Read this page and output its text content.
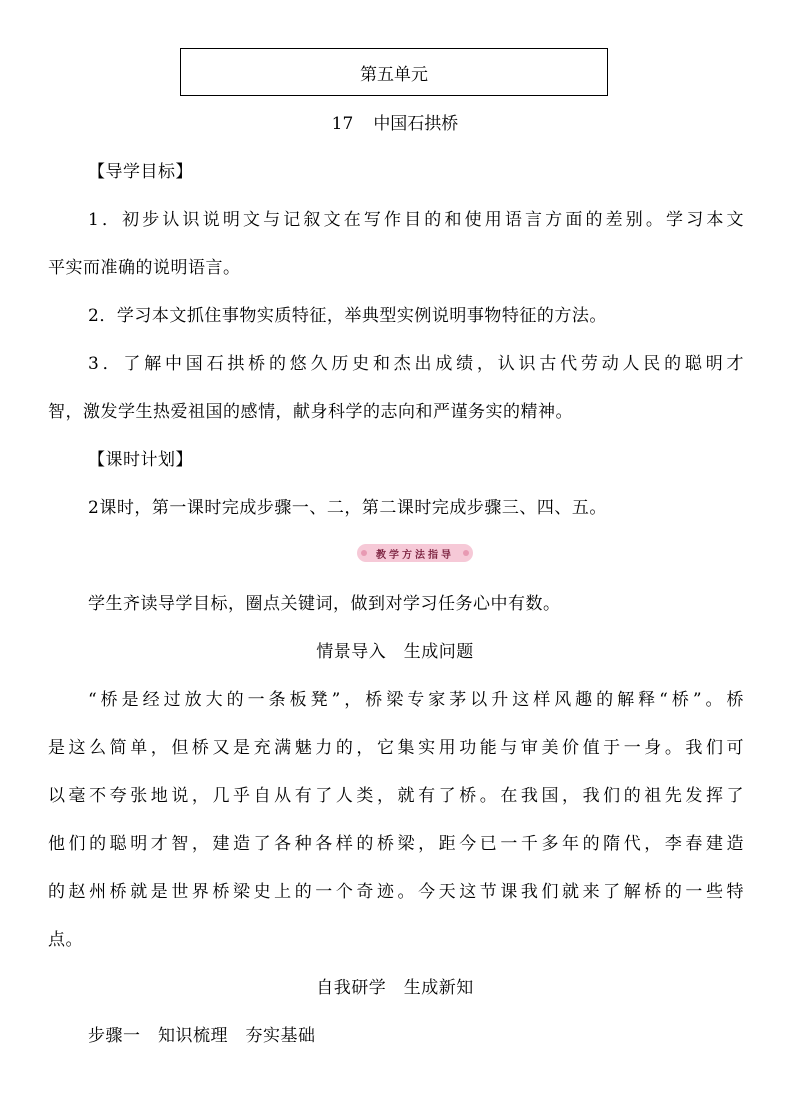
第五单元
17 中国石拱桥
【导学目标】
1．初步认识说明文与记叙文在写作目的和使用语言方面的差别。学习本文
平实而准确的说明语言。
2．学习本文抓住事物实质特征，举典型实例说明事物特征的方法。
3．了解中国石拱桥的悠久历史和杰出成绩，认识古代劳动人民的聪明才
智，激发学生热爱祖国的感情，献身科学的志向和严谨务实的精神。
【课时计划】
2课时，第一课时完成步骤一、二，第二课时完成步骤三、四、五。
教学方法指导
学生齐读导学目标，圈点关键词，做到对学习任务心中有数。
情景导入　生成问题
“桥是经过放大的一条板凳”，桥梁专家茅以升这样风趣的解释“桥”。桥
是这么简单，但桥又是充满魅力的，它集实用功能与审美价值于一身。我们可
以毫不夸张地说，几乎自从有了人类，就有了桥。在我国，我们的祖先发挥了
他们的聪明才智，建造了各种各样的桥梁，距今已一千多年的隋代，李春建造
的赵州桥就是世界桥梁史上的一个奇迹。今天这节课我们就来了解桥的一些特
点。
自我研学　生成新知
步骤一　知识梳理　夯实基础
